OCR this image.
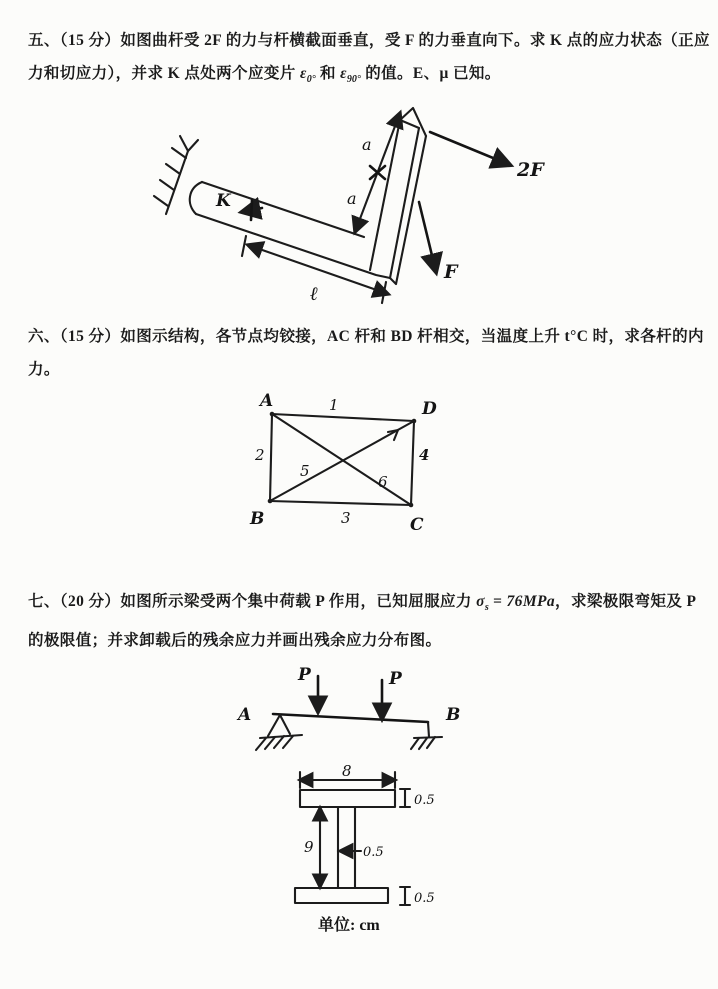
五、（15 分）如图曲杆受 2F 的力与杆横截面垂直，受 F 的力垂直向下。求 K 点的应力状态（正应
力和切应力），并求 K 点处两个应变片 $\varepsilon_{0^\circ}$ 和 $\varepsilon_{90^\circ}$ 的值。E、μ 已知。
K
a
a
ℓ
2F
F
六、（15 分）如图示结构，各节点均铰接，AC 杆和 BD 杆相交，当温度上升 t°C 时，求各杆的内
力。
A	D
B	C
1
2
3
4
5
6
七、（20 分）如图所示梁受两个集中荷载 P 作用，已知屈服应力 $\sigma_s = 76MPa$，求梁极限弯矩及 P
的极限值；并求卸载后的残余应力并画出残余应力分布图。
A	B
P	P
8
0.5
9	0.5
0.5
单位: cm
